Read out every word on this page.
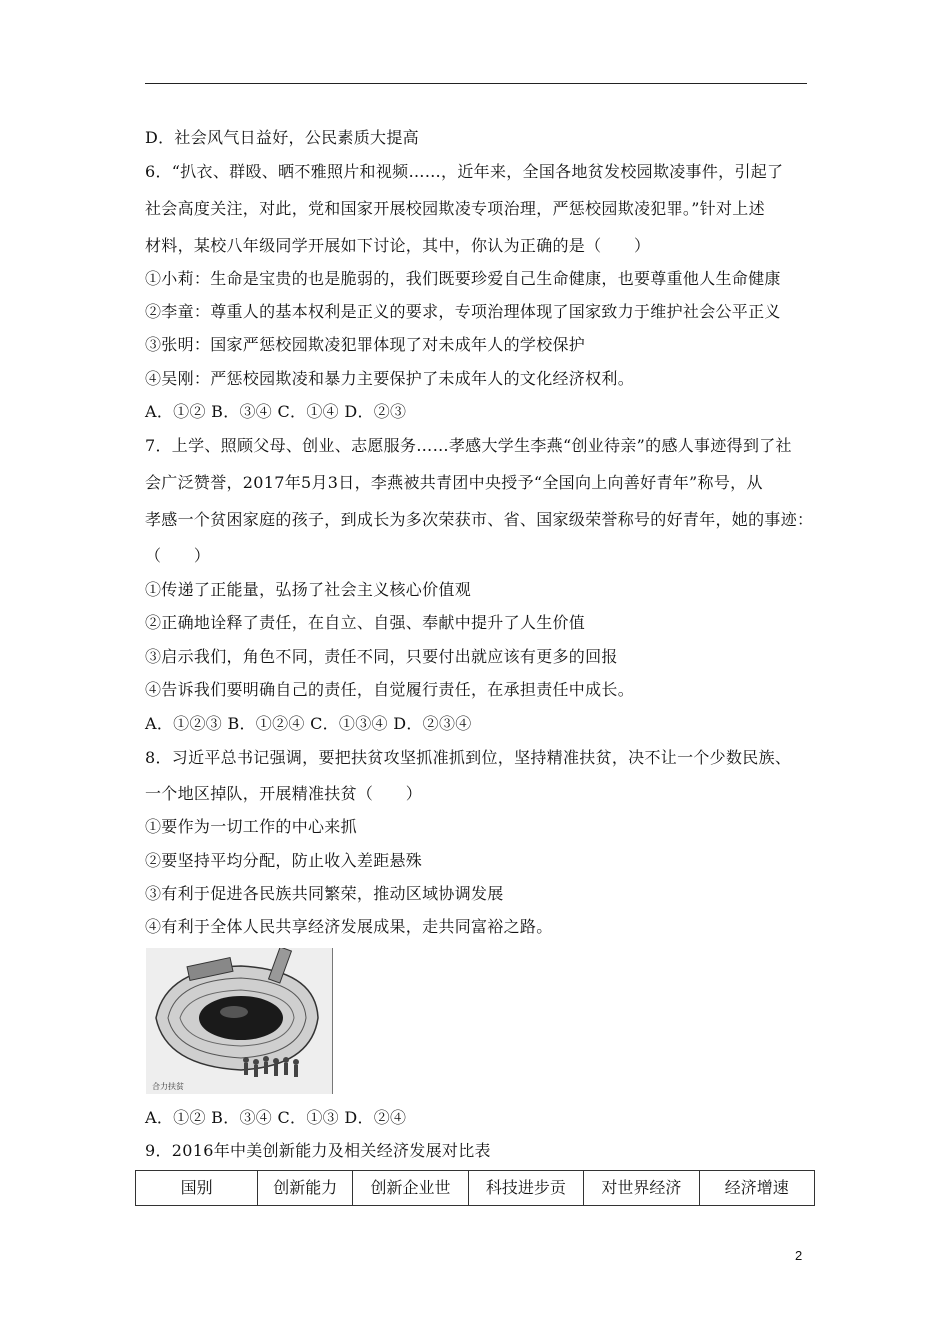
D．社会风气日益好，公民素质大提高
6．“扒衣、群殴、晒不雅照片和视频……，近年来，全国各地贫发校园欺凌事件，引起了
社会高度关注，对此，党和国家开展校园欺凌专项治理，严惩校园欺凌犯罪。”针对上述
材料，某校八年级同学开展如下讨论，其中，你认为正确的是（　　）
①小莉：生命是宝贵的也是脆弱的，我们既要珍爱自己生命健康，也要尊重他人生命健康
②李童：尊重人的基本权利是正义的要求，专项治理体现了国家致力于维护社会公平正义
③张明：国家严惩校园欺凌犯罪体现了对未成年人的学校保护
④吴刚：严惩校园欺凌和暴力主要保护了未成年人的文化经济权利。
A．①② B．③④ C．①④ D．②③
7．上学、照顾父母、创业、志愿服务……孝感大学生李燕“创业待亲”的感人事迹得到了社
会广泛赞誉，2017年5月3日，李燕被共青团中央授予“全国向上向善好青年”称号，从
孝感一个贫困家庭的孩子，到成长为多次荣获市、省、国家级荣誉称号的好青年，她的事迹：
（　　）
①传递了正能量，弘扬了社会主义核心价值观
②正确地诠释了责任，在自立、自强、奉献中提升了人生价值
③启示我们，角色不同，责任不同，只要付出就应该有更多的回报
④告诉我们要明确自己的责任，自觉履行责任，在承担责任中成长。
A．①②③ B．①②④ C．①③④ D．②③④
8．习近平总书记强调，要把扶贫攻坚抓准抓到位，坚持精准扶贫，决不让一个少数民族、
一个地区掉队，开展精准扶贫（　　）
①要作为一切工作的中心来抓
②要坚持平均分配，防止收入差距悬殊
③有利于促进各民族共同繁荣，推动区域协调发展
④有利于全体人民共享经济发展成果，走共同富裕之路。
合力扶贫
A．①② B．③④ C．①③ D．②④
9．2016年中美创新能力及相关经济发展对比表
国别	创新能力	创新企业世	科技进步贡	对世界经济	经济增速
2
